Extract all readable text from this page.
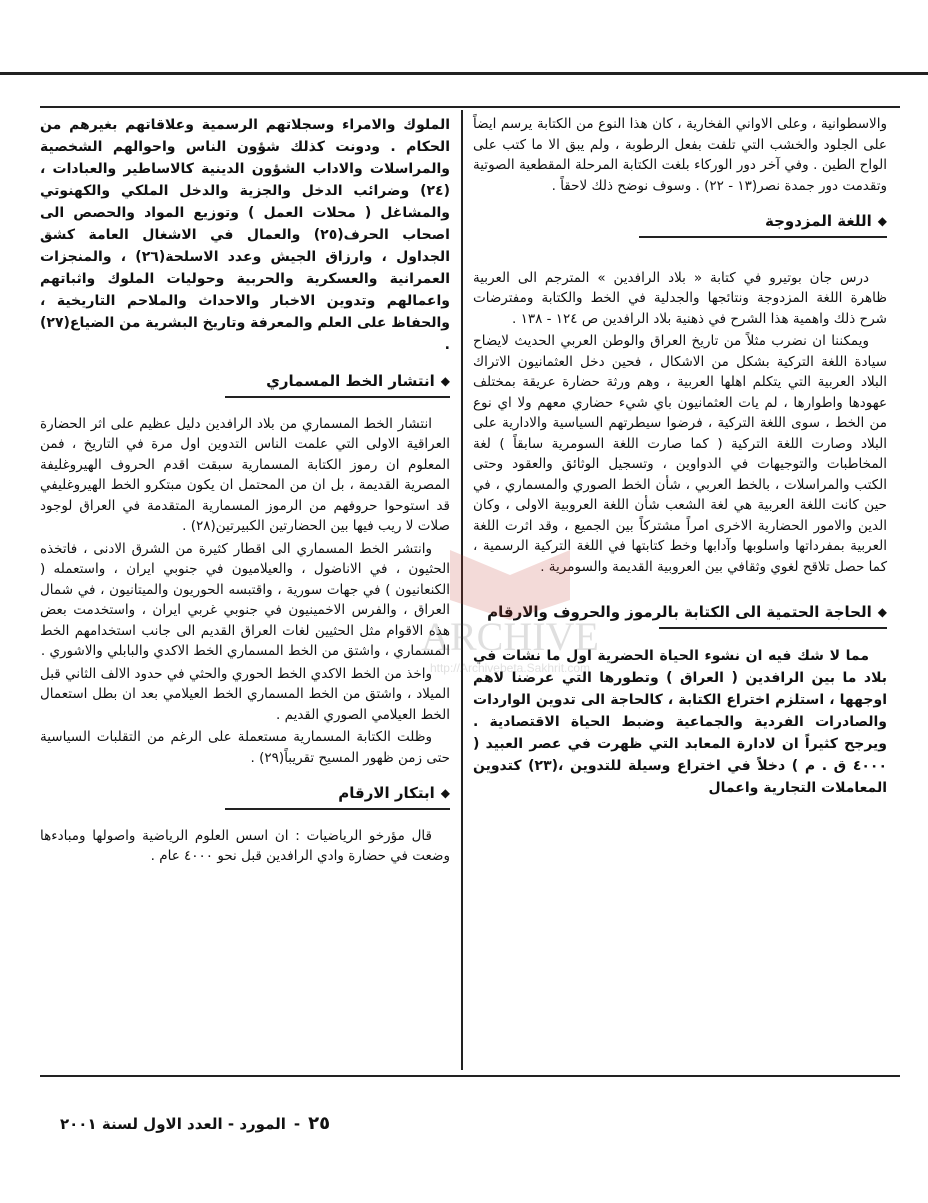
والاسطوانية ، وعلى الاواني الفخارية ، كان هذا النوع من الكتابة يرسم ايضاً على الجلود والخشب التي تلفت بفعل الرطوبة ، ولم يبق الا ما كتب على الواح الطين . وفي آخر دور الوركاء بلغت الكتابة المرحلة المقطعية الصوتية وتقدمت دور جمدة نصر(١٣ - ٢٢) . وسوف نوضح ذلك لاحقاً .

◆
اللغة المزدوجة

درس جان بوتيرو في كتابة « بلاد الرافدين » المترجم الى العربية ظاهرة اللغة المزدوجة ونتائجها والجدلية في الخط والكتابة ومفترضات شرح ذلك واهمية هذا الشرح في ذهنية بلاد الرافدين ص ١٢٤ - ١٣٨ .

ويمكننا ان نضرب مثلاً من تاريخ العراق والوطن العربي الحديث لايضاح سيادة اللغة التركية بشكل من الاشكال ، فحين دخل العثمانيون الاتراك البلاد العربية التي يتكلم اهلها العربية ، وهم ورثة حضارة عريقة بمختلف عهودها واطوارها ، لم يات العثمانيون باي شيء حضاري معهم ولا اي نوع من الخط ، سوى اللغة التركية ، فرضوا سيطرتهم السياسية والادارية على البلاد وصارت اللغة التركية ( كما صارت اللغة السومرية سابقاً ) لغة المخاطبات والتوجيهات في الدواوين ، وتسجيل الوثائق والعقود وحتى الكتب والمراسلات ، بالخط العربي ، شأن الخط الصوري والمسماري ، في حين كانت اللغة العربية هي لغة الشعب شأن اللغة العروبية الاولى ، وكان الدين والامور الحضارية الاخرى امراً مشتركاً بين الجميع ، وقد اثرت اللغة العربية بمفرداتها واسلوبها وآدابها وخط كتابتها في اللغة التركية الرسمية ، كما حصل تلاقح لغوي وثقافي بين العروبية القديمة والسومرية .

◆
الحاجة الحتمية الى الكتابة بالرموز والحروف والارقام

مما لا شك فيه ان نشوء الحياة الحضرية اول ما نشات في بلاد ما بين الرافدين ( العراق ) وتطورها التي عرضنا لاهم اوجهها ، استلزم اختراع الكتابة ، كالحاجة الى تدوين الواردات والصادرات الفردية والجماعية وضبط الحياة الاقتصادية . ويرجح كثيراً ان لادارة المعابد التي ظهرت في عصر العبيد ( ٤٠٠٠ ق . م ) دخلاً في اختراع وسيلة للتدوين ،(٢٣) كتدوين المعاملات التجارية واعمال

الملوك والامراء وسجلاتهم الرسمية وعلاقاتهم بغيرهم من الحكام . ودونت كذلك شؤون الناس واحوالهم الشخصية والمراسلات والاداب الشؤون الدينية كالاساطير والعبادات ،(٢٤) وضرائب الدخل والجزية والدخل الملكي والكهنوتي والمشاغل ( محلات العمل ) وتوزيع المواد والحصص الى اصحاب الحرف(٢٥) والعمال في الاشغال العامة كشق الجداول ، وارزاق الجيش وعدد الاسلحة(٢٦) ، والمنجزات العمرانية والعسكرية والحربية وحوليات الملوك واثباتهم واعمالهم وتدوين الاخبار والاحداث والملاحم التاريخية ، والحفاظ على العلم والمعرفة وتاريخ البشرية من الضياع(٢٧) .

◆
انتشار الخط المسماري

انتشار الخط المسماري من بلاد الرافدين دليل عظيم على اثر الحضارة العراقية الاولى التي علمت الناس التدوين اول مرة في التاريخ ، فمن المعلوم ان رموز الكتابة المسمارية سبقت اقدم الحروف الهيروغليفة المصرية القديمة ، بل ان من المحتمل ان يكون مبتكرو الخط الهيروغليفي قد استوحوا حروفهم من الرموز المسمارية المتقدمة في العراق لوجود صلات لا ريب فيها بين الحضارتين الكبيرتين(٢٨) .

وانتشر الخط المسماري الى اقطار كثيرة من الشرق الادنى ، فاتخذه الحثيون ، في الاناضول ، والعيلاميون في جنوبي ايران ، واستعمله ( الكنعانيون ) في جهات سورية ، واقتبسه الحوريون والميتانيون ، في شمال العراق ، والفرس الاخمينيون في جنوبي غربي ايران ، واستخدمت بعض هذه الاقوام مثل الحثيين لغات العراق القديم الى جانب استخدامهم الخط المسماري ، واشتق من الخط المسماري الخط الاكدي والبابلي والاشوري .

واخذ من الخط الاكدي الخط الحوري والحثي في حدود الالف الثاني قبل الميلاد ، واشتق من الخط المسماري الخط العيلامي بعد ان بطل استعمال الخط العيلامي الصوري القديم .

وظلت الكتابة المسمارية مستعملة على الرغم من التقلبات السياسية حتى زمن ظهور المسيح تقريباً(٢٩) .

◆
ابتكار الارقام

قال مؤرخو الرياضيات : ان اسس العلوم الرياضية واصولها ومبادءها وضعت في حضارة وادي الرافدين قبل نحو ٤٠٠٠ عام .

ARCHIVE
http://Archivebeta.Sakhrit.com
٢٥
-
المورد - العدد الاول لسنة ٢٠٠١
